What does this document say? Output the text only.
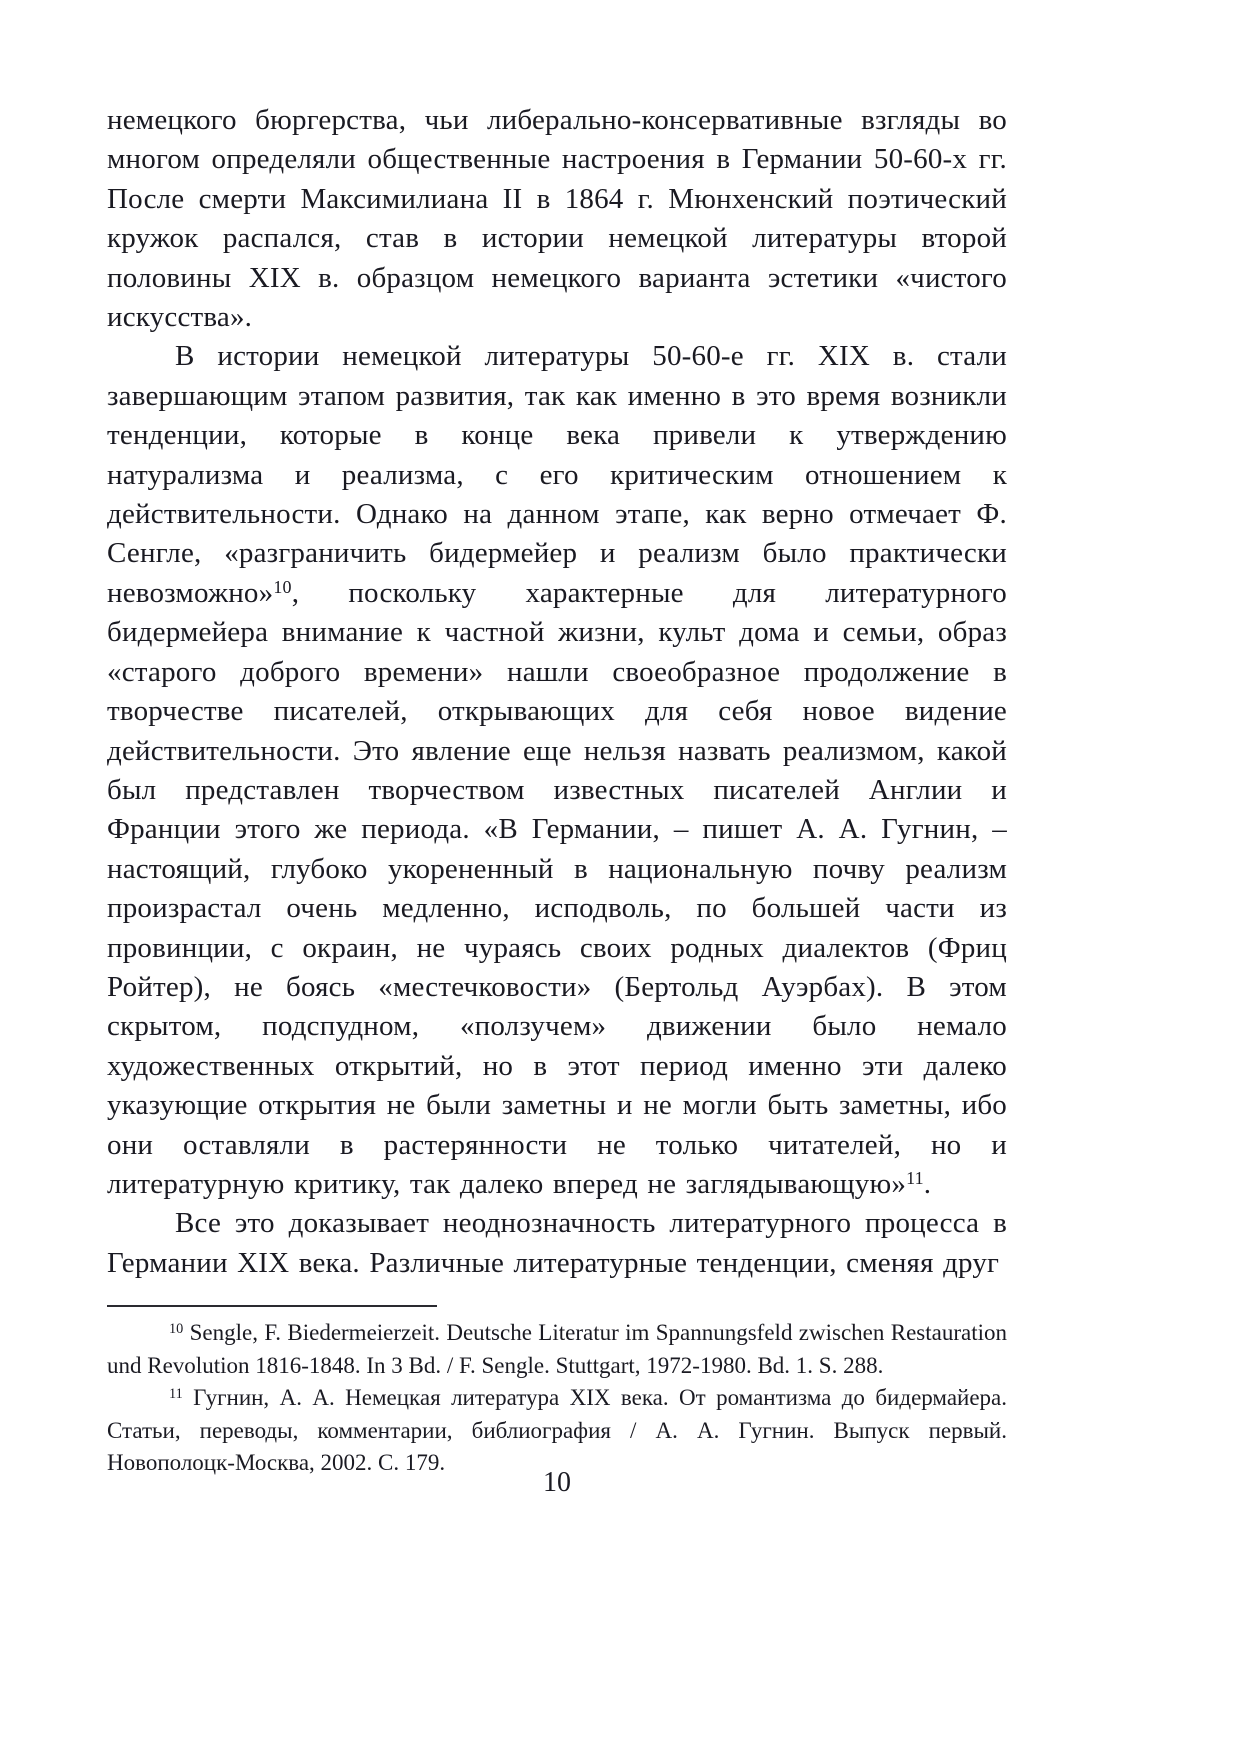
немецкого бюргерства, чьи либерально-консервативные взгляды во многом определяли общественные настроения в Германии 50-60-х гг. После смерти Максимилиана II в 1864 г. Мюнхенский поэтический кружок распался, став в истории немецкой литературы второй половины XIX в. образцом немецкого варианта эстетики «чистого искусства».

В истории немецкой литературы 50-60-е гг. XIX в. стали завершающим этапом развития, так как именно в это время возникли тенденции, которые в конце века привели к утверждению натурализма и реализма, с его критическим отношением к действительности. Однако на данном этапе, как верно отмечает Ф. Сенгле, «разграничить бидермейер и реализм было практически невозможно»$^{10}$, поскольку характерные для литературного бидермейера внимание к частной жизни, культ дома и семьи, образ «старого доброго времени» нашли своеобразное продолжение в творчестве писателей, открывающих для себя новое видение действительности. Это явление еще нельзя назвать реализмом, какой был представлен творчеством известных писателей Англии и Франции этого же периода. «В Германии, – пишет А. А. Гугнин, – настоящий, глубоко укорененный в национальную почву реализм произрастал очень медленно, исподволь, по большей части из провинции, с окраин, не чураясь своих родных диалектов (Фриц Ройтер), не боясь «местечковости» (Бертольд Ауэрбах). В этом скрытом, подспудном, «ползучем» движении было немало художественных открытий, но в этот период именно эти далеко указующие открытия не были заметны и не могли быть заметны, ибо они оставляли в растерянности не только читателей, но и литературную критику, так далеко вперед не заглядывающую»$^{11}$.

Все это доказывает неоднозначность литературного процесса в Германии XIX века. Различные литературные тенденции, сменяя друг

$^{10}$ Sengle, F. Biedermeierzeit. Deutsche Literatur im Spannungsfeld zwischen Restauration und Revolution 1816-1848. In 3 Bd. / F. Sengle. Stuttgart, 1972-1980. Bd. 1. S. 288.

$^{11}$ Гугнин, А. А. Немецкая литература XIX века. От романтизма до бидермайера. Статьи, переводы, комментарии, библиография / А. А. Гугнин. Выпуск первый. Новополоцк-Москва, 2002. С. 179.

10
